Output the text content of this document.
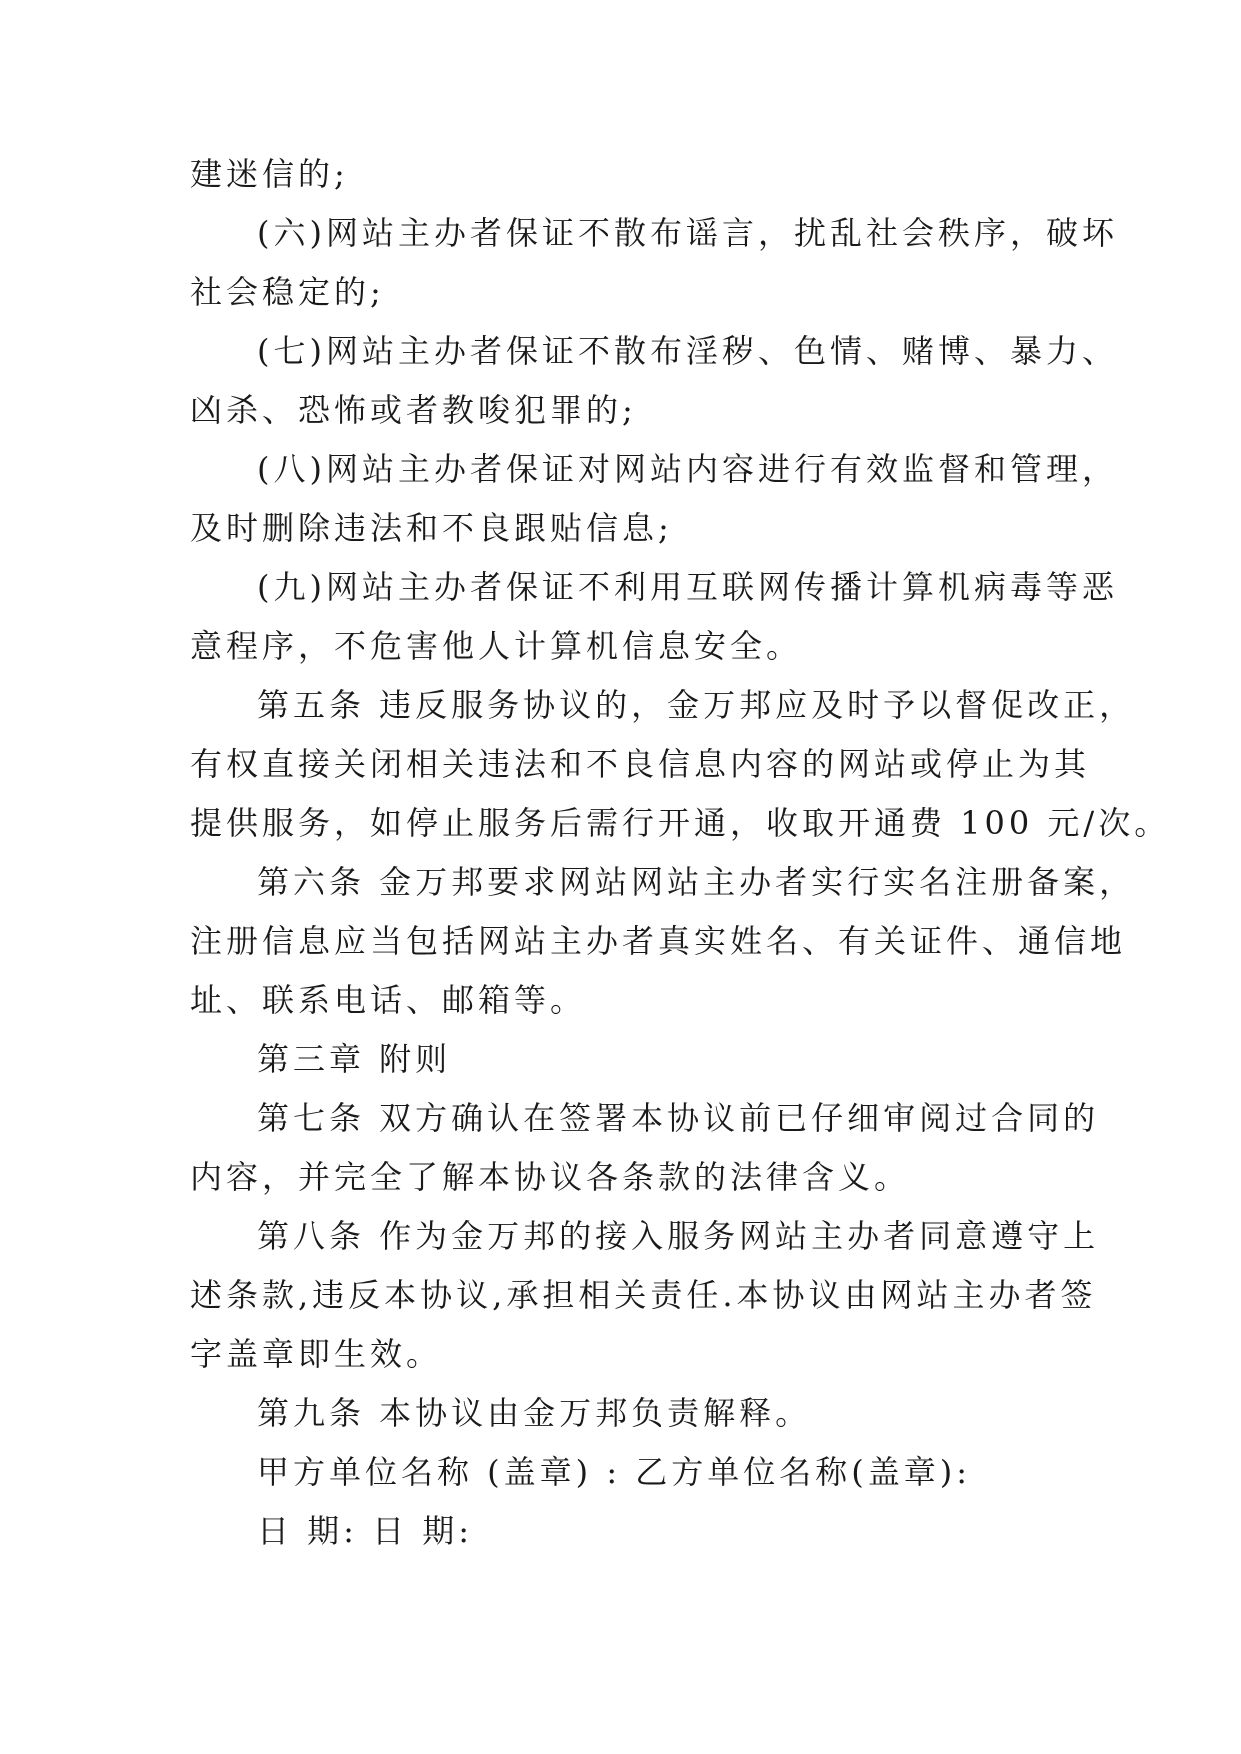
建迷信的;

(六)网站主办者保证不散布谣言，扰乱社会秩序，破坏

社会稳定的;

(七)网站主办者保证不散布淫秽、色情、赌博、暴力、

凶杀、恐怖或者教唆犯罪的;

(八)网站主办者保证对网站内容进行有效监督和管理，

及时删除违法和不良跟贴信息;

(九)网站主办者保证不利用互联网传播计算机病毒等恶

意程序，不危害他人计算机信息安全。

第五条 违反服务协议的，金万邦应及时予以督促改正，

有权直接关闭相关违法和不良信息内容的网站或停止为其

提供服务，如停止服务后需行开通，收取开通费 100 元/次。

第六条 金万邦要求网站网站主办者实行实名注册备案，

注册信息应当包括网站主办者真实姓名、有关证件、通信地

址、联系电话、邮箱等。

第三章 附则

第七条 双方确认在签署本协议前已仔细审阅过合同的

内容，并完全了解本协议各条款的法律含义。

第八条 作为金万邦的接入服务网站主办者同意遵守上

述条款,违反本协议,承担相关责任.本协议由网站主办者签

字盖章即生效。

第九条 本协议由金万邦负责解释。

甲方单位名称 (盖章) : 乙方单位名称(盖章):

日 期: 日 期:
